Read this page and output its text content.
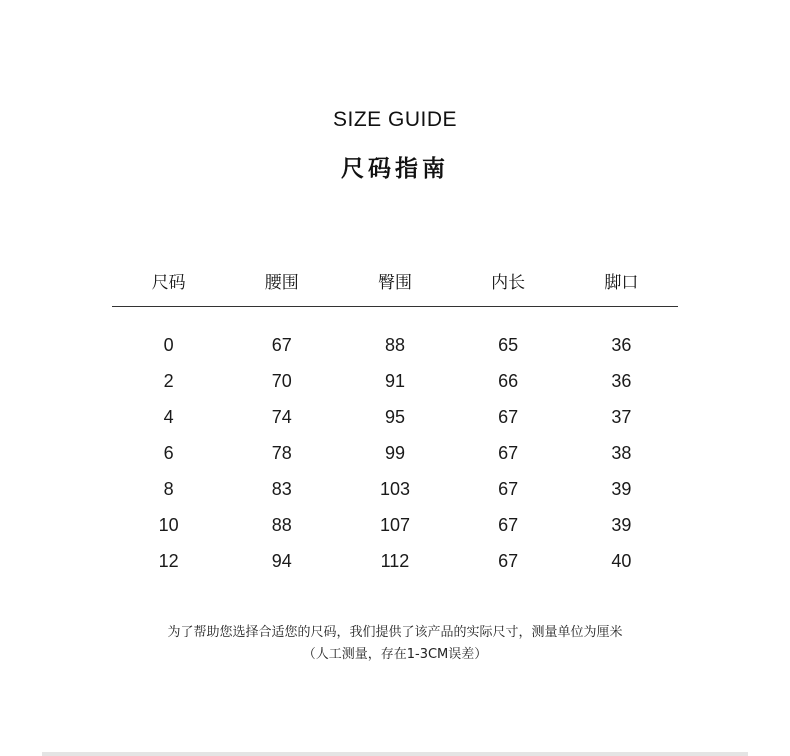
SIZE GUIDE
尺码指南
尺码	腰围	臀围	内长	脚口
0	67	88	65	36
2	70	91	66	36
4	74	95	67	37
6	78	99	67	38
8	83	103	67	39
10	88	107	67	39
12	94	112	67	40
为了帮助您选择合适您的尺码，我们提供了该产品的实际尺寸，测量单位为厘米
（人工测量，存在1-3CM误差）
